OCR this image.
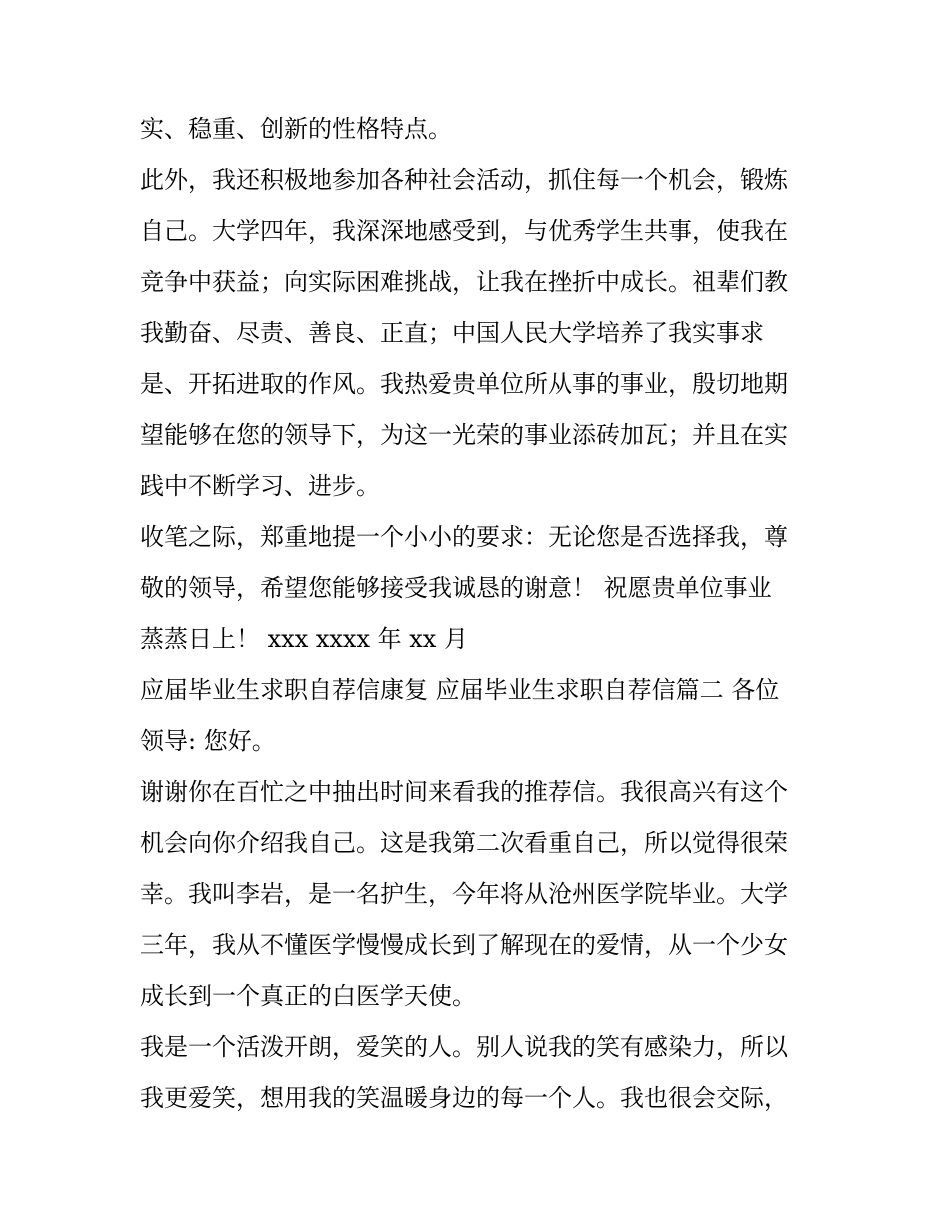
实、稳重、创新的性格特点。
此外，我还积极地参加各种社会活动，抓住每一个机会，锻炼
自己。大学四年，我深深地感受到，与优秀学生共事，使我在
竞争中获益；向实际困难挑战，让我在挫折中成长。祖辈们教
我勤奋、尽责、善良、正直；中国人民大学培养了我实事求
是、开拓进取的作风。我热爱贵单位所从事的事业，殷切地期
望能够在您的领导下，为这一光荣的事业添砖加瓦；并且在实
践中不断学习、进步。
收笔之际，郑重地提一个小小的要求：无论您是否选择我，尊
敬的领导，希望您能够接受我诚恳的谢意！ 祝愿贵单位事业
蒸蒸日上！ xxx xxxx 年 xx 月
应届毕业生求职自荐信康复 应届毕业生求职自荐信篇二 各位
领导: 您好。
谢谢你在百忙之中抽出时间来看我的推荐信。我很高兴有这个
机会向你介绍我自己。这是我第二次看重自己，所以觉得很荣
幸。我叫李岩，是一名护生，今年将从沧州医学院毕业。大学
三年，我从不懂医学慢慢成长到了解现在的爱情，从一个少女
成长到一个真正的白医学天使。
我是一个活泼开朗，爱笑的人。别人说我的笑有感染力，所以
我更爱笑，想用我的笑温暖身边的每一个人。我也很会交际，
